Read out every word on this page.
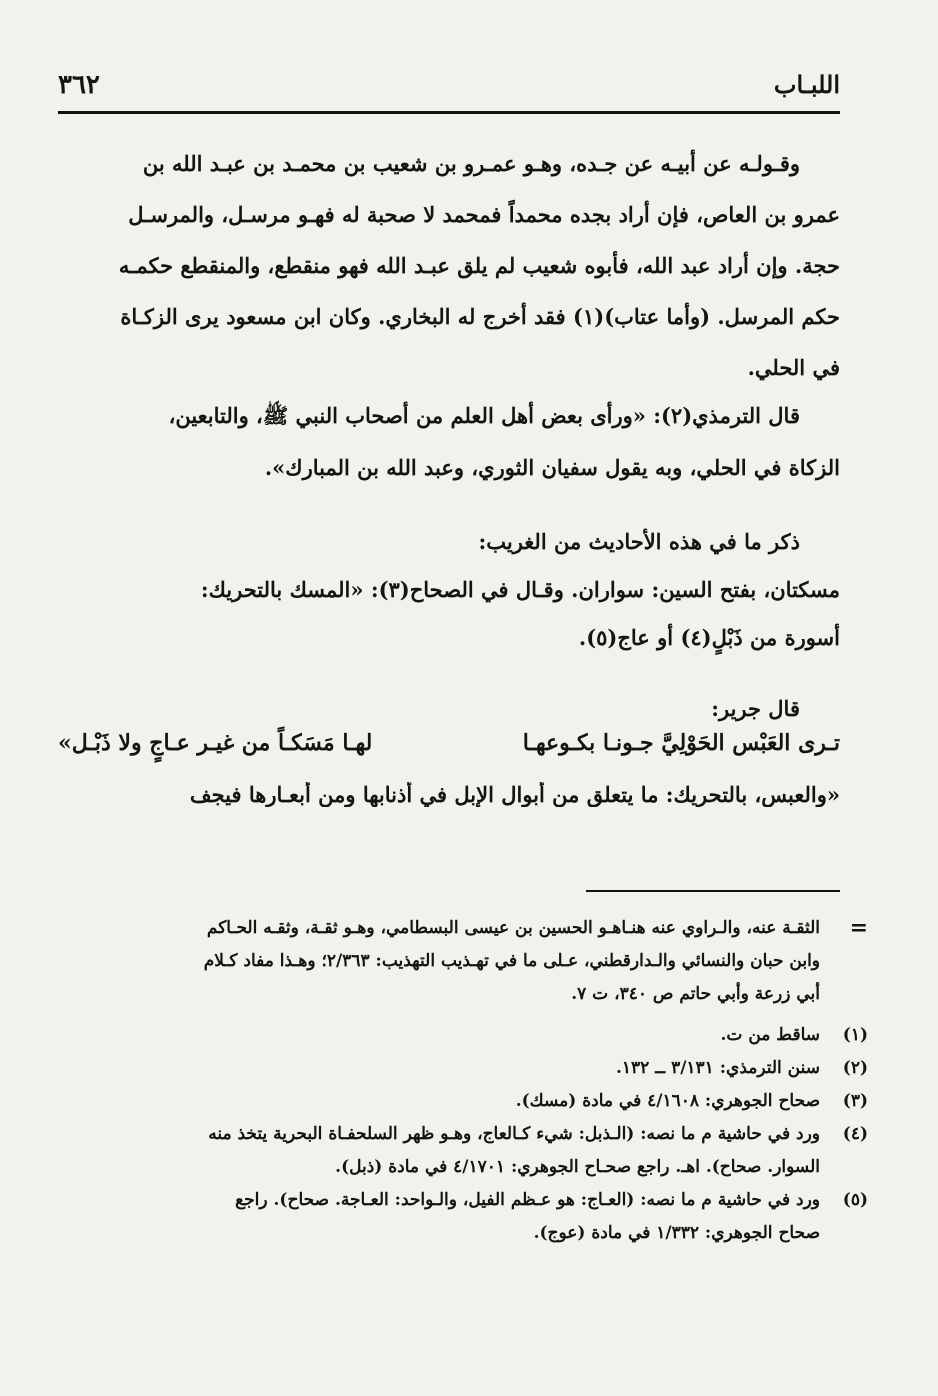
اللبـاب
٣٦٢
وقـولـه عن أبيـه عن جـده، وهـو عمـرو بن شعيب بن محمـد بن عبـد الله بن
عمرو بن العاص، فإن أراد بجده محمداً فمحمد لا صحبة له فهـو مرسـل، والمرسـل
حجة. وإن أراد عبد الله، فأبوه شعيب لم يلق عبـد الله فهو منقطع، والمنقطع حكمـه
حكم المرسل. (وأما عتاب)(١) فقد أخرج له البخاري. وكان ابن مسعود يرى الزكـاة
في الحلي.
قال الترمذي(٢): «ورأى بعض أهل العلم من أصحاب النبي ﷺ، والتابعين،
الزكاة في الحلي، وبه يقول سفيان الثوري، وعبد الله بن المبارك».
ذكر ما في هذه الأحاديث من الغريب:
مسكتان، بفتح السين: سواران. وقـال في الصحاح(٣): «المسك بالتحريك:
أسورة من ذَبْلٍ(٤) أو عاج(٥).
قال جرير:
تـرى العَبْس الحَوْلِيَّ جـونـا بكـوعهـا
لهـا مَسَكـاً من غيـر عـاجٍ ولا ذَبْـل»
«والعبس، بالتحريك: ما يتعلق من أبوال الإبل في أذنابها ومن أبعـارها فيجف
=
الثقـة عنه، والـراوي عنه هنـاهـو الحسين بن عيسى البسطامي، وهـو ثقـة، وثقـه الحـاكم
وابن حبان والنسائي والـدارقطني، عـلى ما في تهـذيب التهذيب: ٢/٣٦٣؛ وهـذا مفاد كـلام
أبي زرعة وأبي حاتم ص ٣٤٠، ت ٧.
(١)
ساقط من ت.
(٢)
سنن الترمذي: ٣/١٣١ ــ ١٣٢.
(٣)
صحاح الجوهري: ٤/١٦٠٨ في مادة (مسك).
(٤)
ورد في حاشية م ما نصه: (الـذبل: شيء كـالعاج، وهـو ظهر السلحفـاة البحرية يتخذ منه
السوار. صحاح). اهـ. راجع صحـاح الجوهري: ٤/١٧٠١ في مادة (ذبل).
(٥)
ورد في حاشية م ما نصه: (العـاج: هو عـظم الفيل، والـواحد: العـاجة. صحاح). راجع
صحاح الجوهري: ١/٣٣٢ في مادة (عوج).
